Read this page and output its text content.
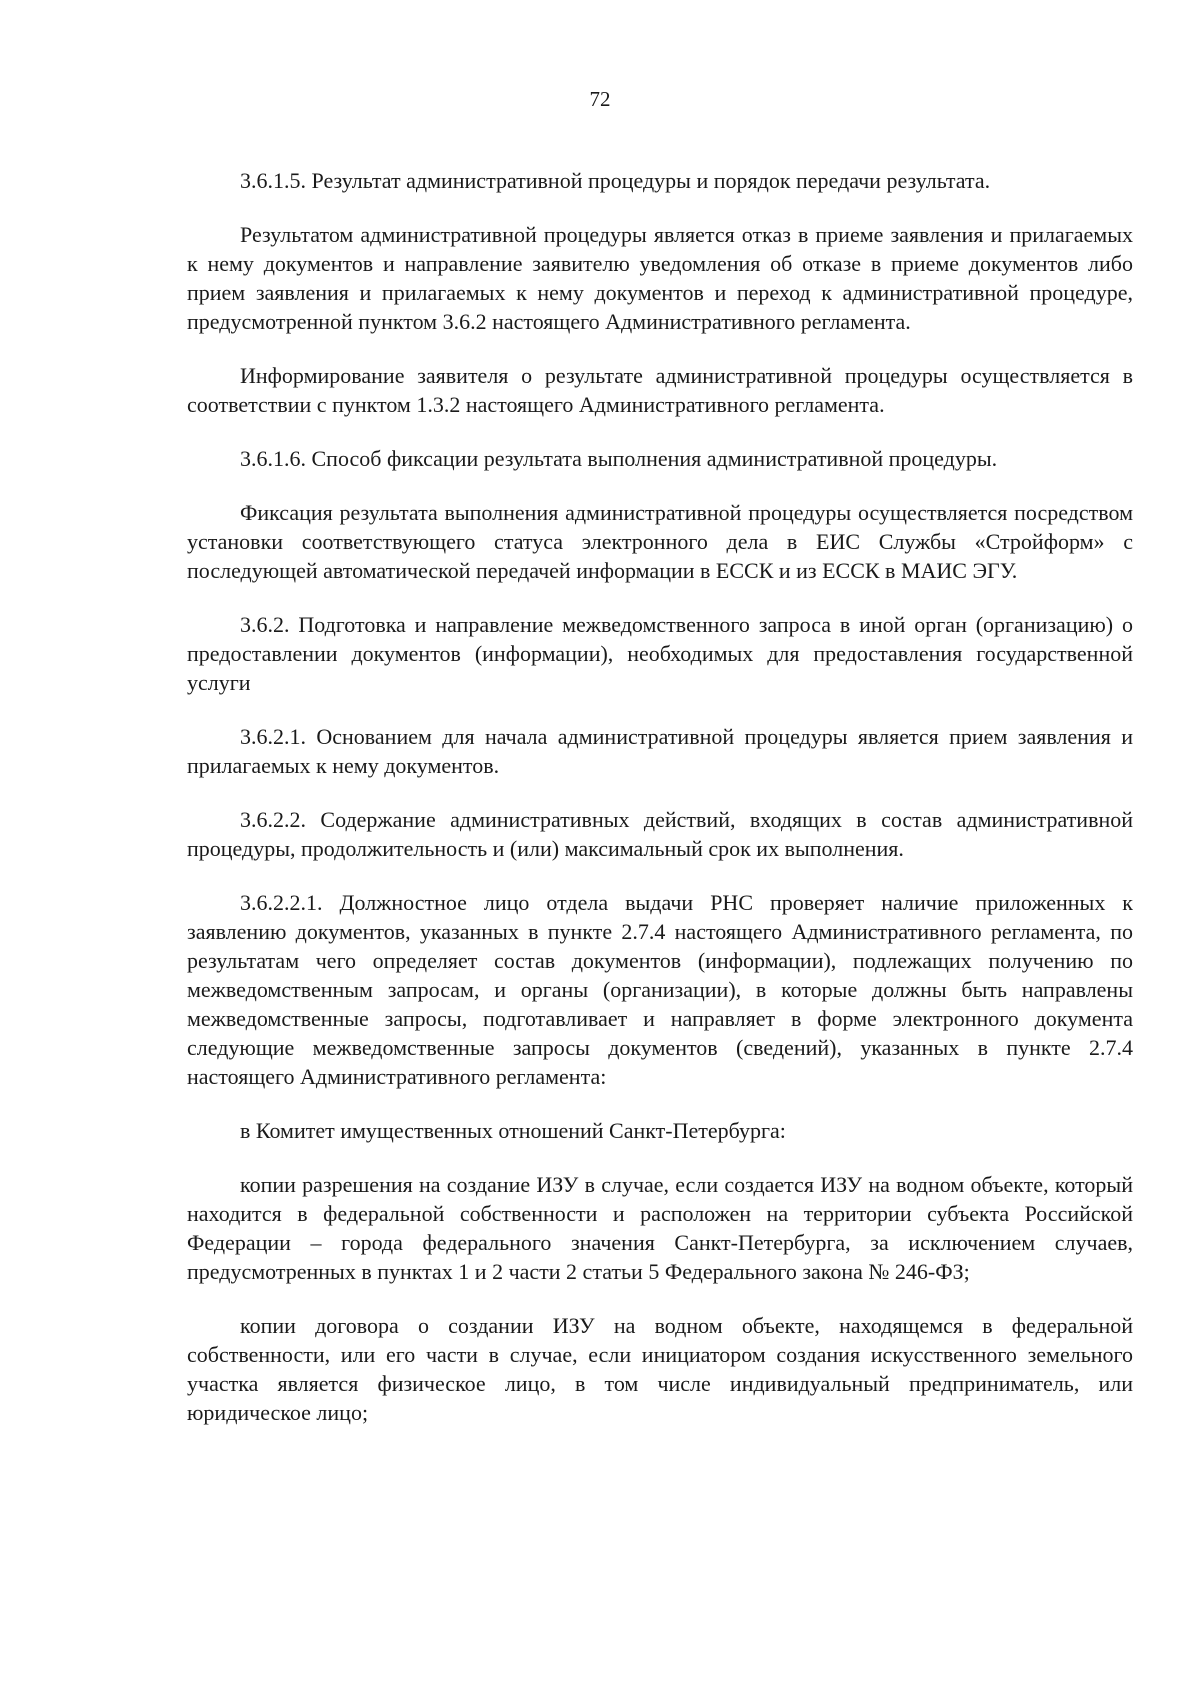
72

3.6.1.5. Результат административной процедуры и порядок передачи результата.

Результатом административной процедуры является отказ в приеме заявления и прилагаемых к нему документов и направление заявителю уведомления об отказе в приеме документов либо прием заявления и прилагаемых к нему документов и переход к административной процедуре, предусмотренной пунктом 3.6.2 настоящего Административного регламента.

Информирование заявителя о результате административной процедуры осуществляется в соответствии с пунктом 1.3.2 настоящего Административного регламента.

3.6.1.6. Способ фиксации результата выполнения административной процедуры.

Фиксация результата выполнения административной процедуры осуществляется посредством установки соответствующего статуса электронного дела в ЕИС Службы «Стройформ» с последующей автоматической передачей информации в ЕССК и из ЕССК в МАИС ЭГУ.

3.6.2. Подготовка и направление межведомственного запроса в иной орган (организацию) о предоставлении документов (информации), необходимых для предоставления государственной услуги

3.6.2.1. Основанием для начала административной процедуры является прием заявления и прилагаемых к нему документов.

3.6.2.2. Содержание административных действий, входящих в состав административной процедуры, продолжительность и (или) максимальный срок их выполнения.

3.6.2.2.1. Должностное лицо отдела выдачи РНС проверяет наличие приложенных к заявлению документов, указанных в пункте 2.7.4 настоящего Административного регламента, по результатам чего определяет состав документов (информации), подлежащих получению по межведомственным запросам, и органы (организации), в которые должны быть направлены межведомственные запросы, подготавливает и направляет в форме электронного документа следующие межведомственные запросы документов (сведений), указанных в пункте 2.7.4 настоящего Административного регламента:

в Комитет имущественных отношений Санкт-Петербурга:

копии разрешения на создание ИЗУ в случае, если создается ИЗУ на водном объекте, который находится в федеральной собственности и расположен на территории субъекта Российской Федерации – города федерального значения Санкт-Петербурга, за исключением случаев, предусмотренных в пунктах 1 и 2 части 2 статьи 5 Федерального закона № 246-ФЗ;

копии договора о создании ИЗУ на водном объекте, находящемся в федеральной собственности, или его части в случае, если инициатором создания искусственного земельного участка является физическое лицо, в том числе индивидуальный предприниматель, или юридическое лицо;
